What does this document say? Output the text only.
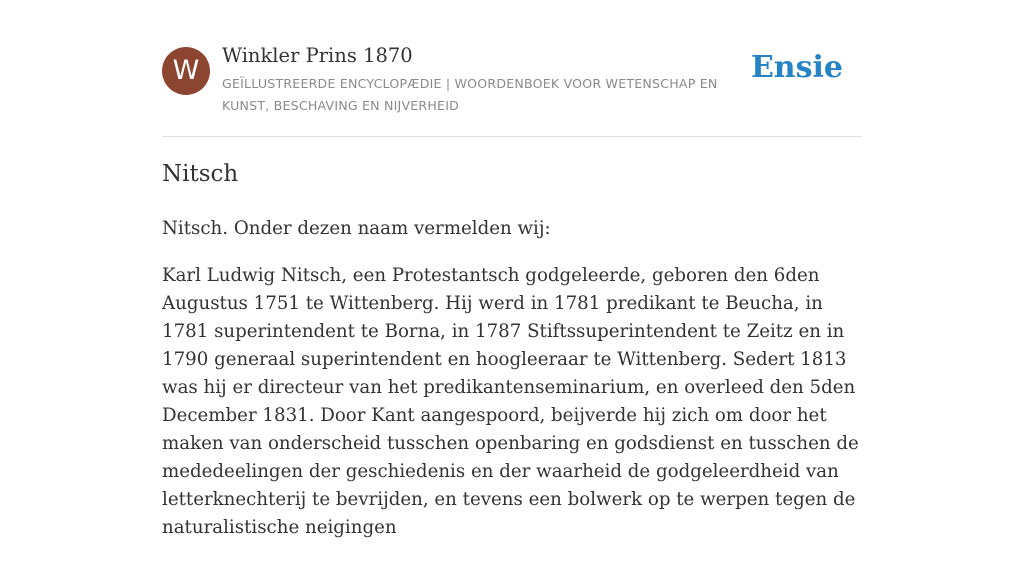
W	Winkler Prins 1870
GEÏLLUSTREERDE ENCYCLOPÆDIE | WOORDENBOEK VOOR WETENSCHAP EN KUNST, BESCHAVING EN NIJVERHEID
Ensie
Nitsch

Nitsch. Onder dezen naam vermelden wij:

Karl Ludwig Nitsch, een Protestantsch godgeleerde, geboren den 6den Augustus 1751 te Wittenberg. Hij werd in 1781 predikant te Beucha, in 1781 superintendent te Borna, in 1787 Stiftssuperintendent te Zeitz en in 1790 generaal superintendent en hoogleeraar te Wittenberg. Sedert 1813 was hij er directeur van het predikantenseminarium, en overleed den 5den December 1831. Door Kant aangespoord, beijverde hij zich om door het maken van onderscheid tusschen openbaring en godsdienst en tusschen de mededeelingen der geschiedenis en der waarheid de godgeleerdheid van letterknechterij te bevrijden, en tevens een bolwerk op te werpen tegen de naturalistische neigingen
